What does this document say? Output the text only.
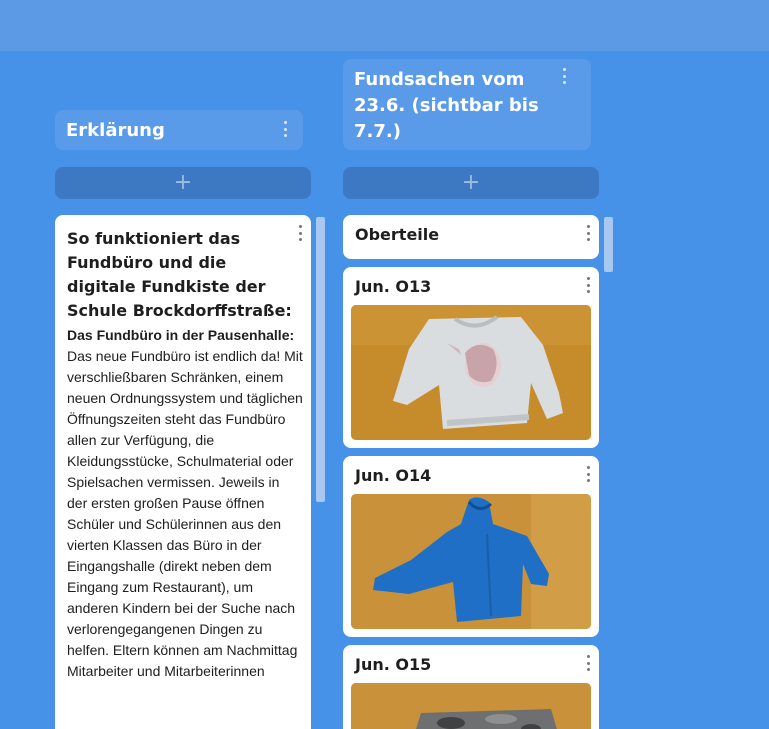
Erklärung
+
So funktioniert das Fundbüro und die digitale Fundkiste der Schule Brockdorffstraße:
Das Fundbüro in der Pausenhalle:
Das neue Fundbüro ist endlich da! Mit verschließbaren Schränken, einem neuen Ordnungssystem und täglichen Öffnungszeiten steht das Fundbüro allen zur Verfügung, die Kleidungsstücke, Schulmaterial oder Spielsachen vermissen. Jeweils in der ersten großen Pause öffnen Schüler und Schülerinnen aus den vierten Klassen das Büro in der Eingangshalle (direkt neben dem Eingang zum Restaurant), um anderen Kindern bei der Suche nach verlorengegangenen Dingen zu helfen. Eltern können am Nachmittag Mitarbeiter und Mitarbeiterinnen
Fundsachen vom 23.6. (sichtbar bis 7.7.)
+
Oberteile
Jun. O13
Jun. O14
Jun. O15
